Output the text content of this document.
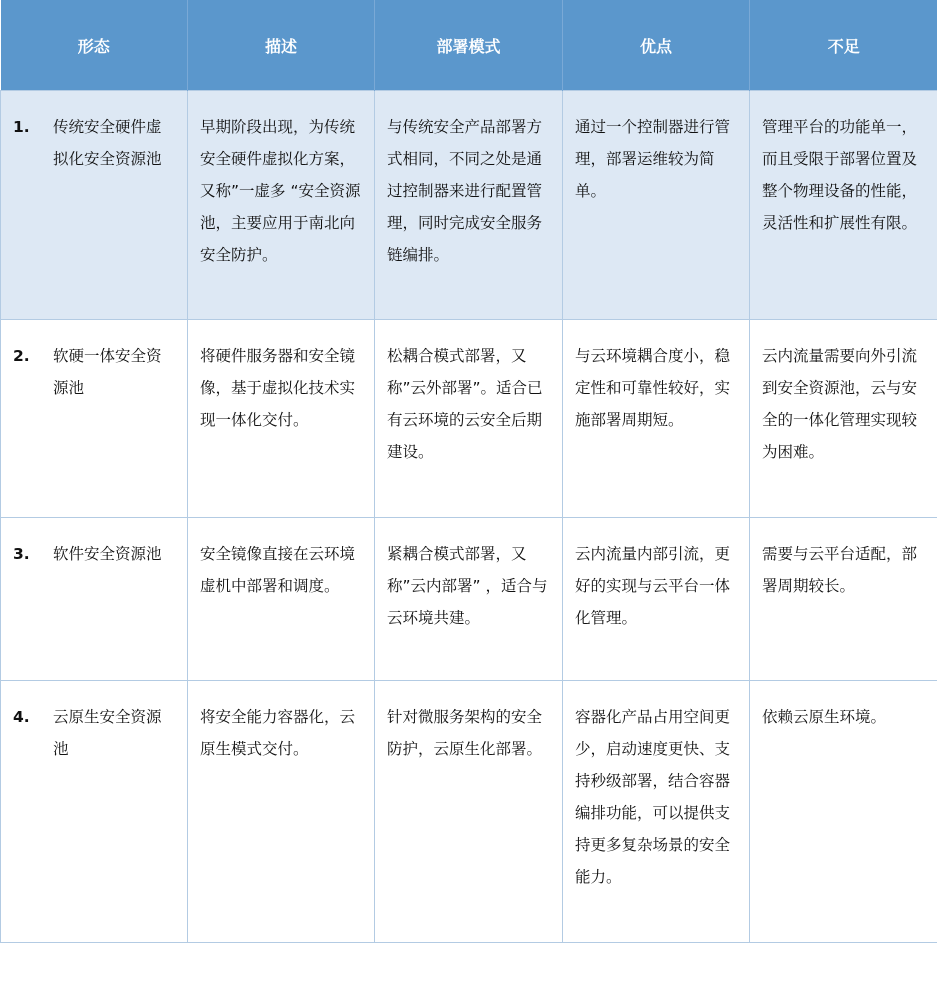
形态	描述	部署模式	优点	不足

1. 传统安全硬件虚拟化安全资源池	早期阶段出现，为传统安全硬件虚拟化方案，又称”一虚多 “安全资源池，主要应用于南北向安全防护。	与传统安全产品部署方式相同，不同之处是通过控制器来进行配置管理，同时完成安全服务链编排。	通过一个控制器进行管理，部署运维较为简单。	管理平台的功能单一，而且受限于部署位置及整个物理设备的性能，灵活性和扩展性有限。
2. 软硬一体安全资源池	将硬件服务器和安全镜像，基于虚拟化技术实现一体化交付。	松耦合模式部署，又称”云外部署”。适合已有云环境的云安全后期建设。	与云环境耦合度小，稳定性和可靠性较好，实施部署周期短。	云内流量需要向外引流到安全资源池，云与安全的一体化管理实现较为困难。
3. 软件安全资源池	安全镜像直接在云环境虚机中部署和调度。	紧耦合模式部署，又称”云内部署” ，适合与云环境共建。	云内流量内部引流，更好的实现与云平台一体化管理。	需要与云平台适配，部署周期较长。
4. 云原生安全资源池	将安全能力容器化，云原生模式交付。	针对微服务架构的安全防护，云原生化部署。	容器化产品占用空间更少，启动速度更快、支持秒级部署，结合容器编排功能，可以提供支持更多复杂场景的安全能力。	依赖云原生环境。
